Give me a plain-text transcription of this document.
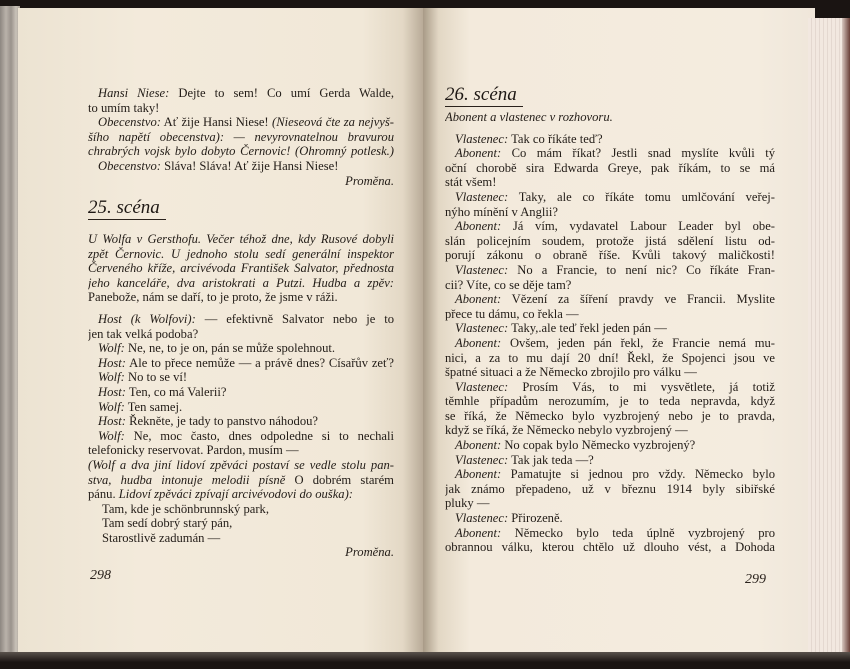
Hansi Niese: Dejte to sem! Co umí Gerda Walde,
to umím taky!
Obecenstvo: Ať žije Hansi Niese! (Nieseová čte za nejvyš-
šího napětí obecenstva): — nevyrovnatelnou bravurou
chrabrých vojsk bylo dobyto Černovic! (Ohromný potlesk.)
Obecenstvo: Sláva! Sláva! Ať žije Hansi Niese!
Proměna.
25. scéna
U Wolfa v Gersthofu. Večer téhož dne, kdy Rusové dobyli
zpět Černovic. U jednoho stolu sedí generální inspektor
Červeného kříže, arcivévoda František Salvator, přednosta
jeho kanceláře, dva aristokrati a Putzi. Hudba a zpěv:
Panebože, nám se daří, to je proto, že jsme v ráži.
Host (k Wolfovi): — efektivně Salvator nebo je to
jen tak velká podoba?
Wolf: Ne, ne, to je on, pán se může spolehnout.
Host: Ale to přece nemůže — a právě dnes? Císařův zeť?
Wolf: No to se ví!
Host: Ten, co má Valerii?
Wolf: Ten samej.
Host: Řekněte, je tady to panstvo náhodou?
Wolf: Ne, moc často, dnes odpoledne si to nechali
telefonicky reservovat. Pardon, musím —
(Wolf a dva jiní lidoví zpěváci postaví se vedle stolu pan-
stva, hudba intonuje melodii písně O dobrém starém
pánu. Lidoví zpěváci zpívají arcivévodovi do ouška):
Tam, kde je schönbrunnský park,
Tam sedí dobrý starý pán,
Starostlivě zadumán —
Proměna.
298
26. scéna
Abonent a vlastenec v rozhovoru.
Vlastenec: Tak co říkáte teď?
Abonent: Co mám říkat? Jestli snad myslíte kvůli tý
oční chorobě sira Edwarda Greye, pak říkám, to se má
stát všem!
Vlastenec: Taky, ale co říkáte tomu umlčování veřej-
nýho mínění v Anglii?
Abonent: Já vím, vydavatel Labour Leader byl obe-
slán policejním soudem, protože jistá sdělení listu od-
porují zákonu o obraně říše. Kvůli takový maličkosti!
Vlastenec: No a Francie, to není nic? Co říkáte Fran-
cii? Víte, co se děje tam?
Abonent: Vězení za šíření pravdy ve Francii. Myslite
přece tu dámu, co řekla —
Vlastenec: Taky,.ale teď řekl jeden pán —
Abonent: Ovšem, jeden pán řekl, že Francie nemá mu-
nici, a za to mu dají 20 dní! Řekl, že Spojenci jsou ve
špatné situaci a že Německo zbrojilo pro válku —
Vlastenec: Prosím Vás, to mi vysvětlete, já totiž
těmhle případům nerozumím, je to teda nepravda, když
se říká, že Německo bylo vyzbrojený nebo je to pravda,
když se říká, že Německo nebylo vyzbrojený —
Abonent: No copak bylo Německo vyzbrojený?
Vlastenec: Tak jak teda —?
Abonent: Pamatujte si jednou pro vždy. Německo bylo
jak známo přepadeno, už v březnu 1914 byly sibiřské
pluky —
Vlastenec: Přirozeně.
Abonent: Německo bylo teda úplně vyzbrojený pro
obrannou válku, kterou chtělo už dlouho vést, a Dohoda
299
